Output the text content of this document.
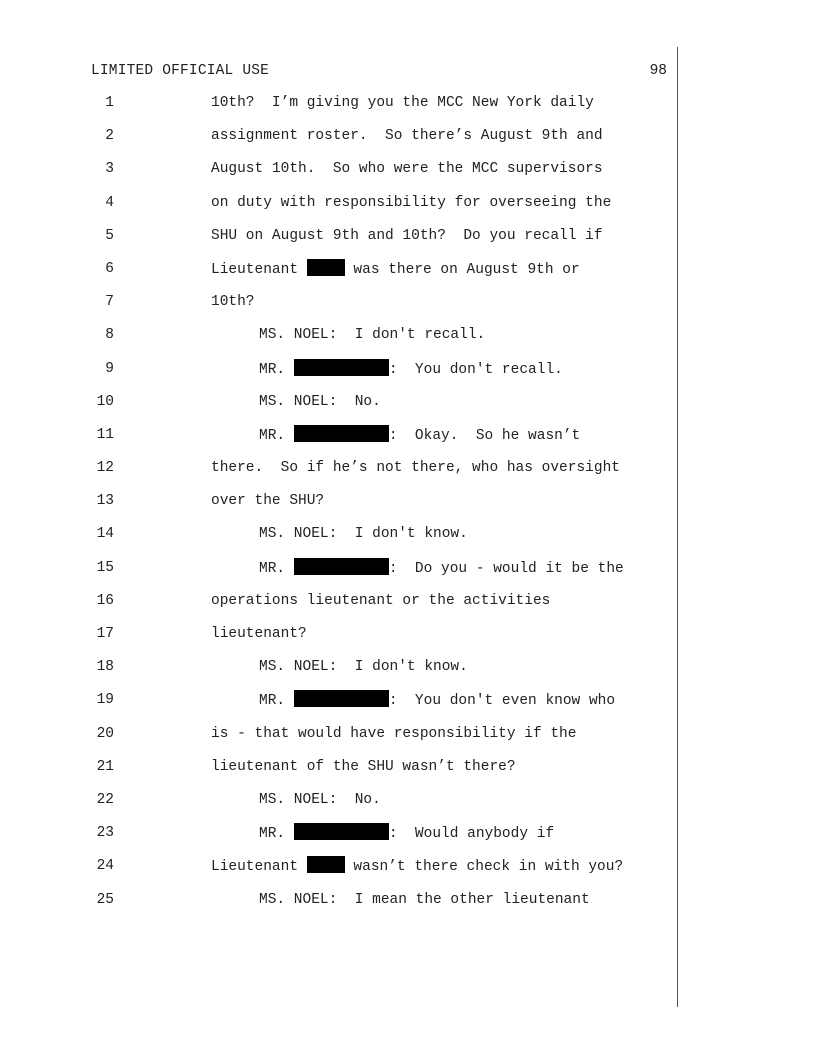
LIMITED OFFICIAL USE	98
1	10th?  I’m giving you the MCC New York daily
2	assignment roster.  So there’s August 9th and
3	August 10th.  So who were the MCC supervisors
4	on duty with responsibility for overseeing the
5	SHU on August 9th and 10th?  Do you recall if
6	Lieutenant	was there on August 9th or
7	10th?
8	MS. NOEL:  I don't recall.
9	MR.	:  You don't recall.
10	MS. NOEL:  No.
11	MR.	:  Okay.  So he wasn’t
12	there.  So if he’s not there, who has oversight
13	over the SHU?
14	MS. NOEL:  I don't know.
15	MR.	:  Do you - would it be the
16	operations lieutenant or the activities
17	lieutenant?
18	MS. NOEL:  I don't know.
19	MR.	:  You don't even know who
20	is - that would have responsibility if the
21	lieutenant of the SHU wasn’t there?
22	MS. NOEL:  No.
23	MR.	:  Would anybody if
24	Lieutenant	wasn’t there check in with you?
25	MS. NOEL:  I mean the other lieutenant
